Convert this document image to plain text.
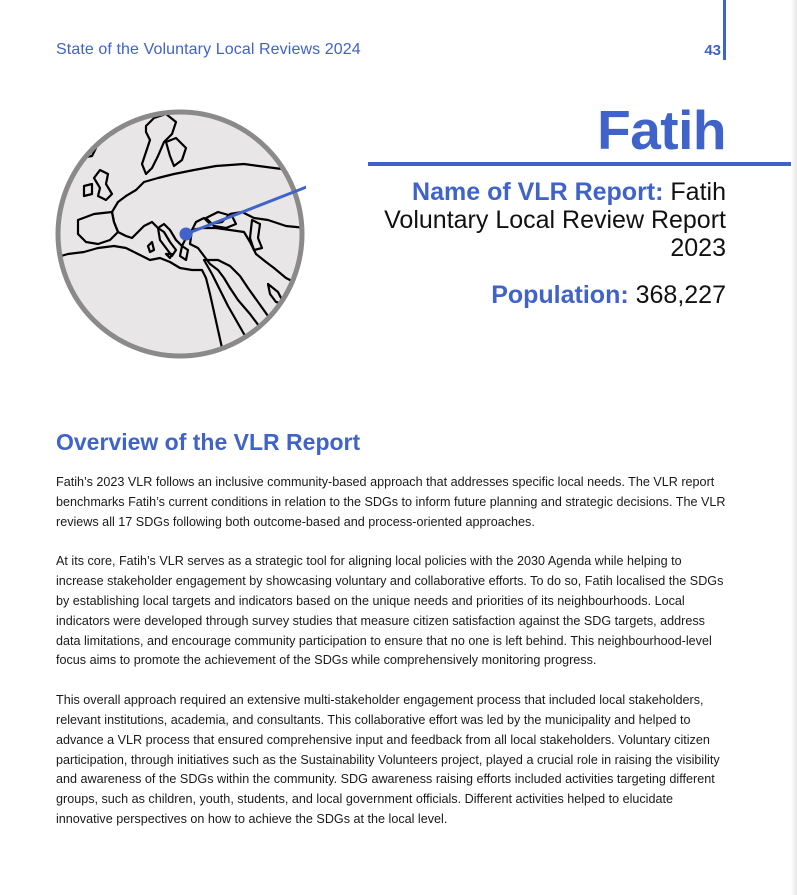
State of the Voluntary Local Reviews 2024	43
Fatih
Name of VLR Report: Fatih Voluntary Local Review Report 2023
Population: 368,227
Overview of the VLR Report

Fatih’s 2023 VLR follows an inclusive community-based approach that addresses specific local needs. The VLR report benchmarks Fatih’s current conditions in relation to the SDGs to inform future planning and strategic decisions. The VLR reviews all 17 SDGs following both outcome-based and process-oriented approaches.

At its core, Fatih’s VLR serves as a strategic tool for aligning local policies with the 2030 Agenda while helping to increase stakeholder engagement by showcasing voluntary and collaborative efforts. To do so, Fatih localised the SDGs by establishing local targets and indicators based on the unique needs and priorities of its neighbourhoods. Local indicators were developed through survey studies that measure citizen satisfaction against the SDG targets, address data limitations, and encourage community participation to ensure that no one is left behind. This neighbourhood-level focus aims to promote the achievement of the SDGs while comprehensively monitoring progress.

This overall approach required an extensive multi-stakeholder engagement process that included local stakeholders, relevant institutions, academia, and consultants. This collaborative effort was led by the municipality and helped to advance a VLR process that ensured comprehensive input and feedback from all local stakeholders. Voluntary citizen participation, through initiatives such as the Sustainability Volunteers project, played a crucial role in raising the visibility and awareness of the SDGs within the community. SDG awareness raising efforts included activities targeting different groups, such as children, youth, students, and local government officials. Different activities helped to elucidate innovative perspectives on how to achieve the SDGs at the local level.
